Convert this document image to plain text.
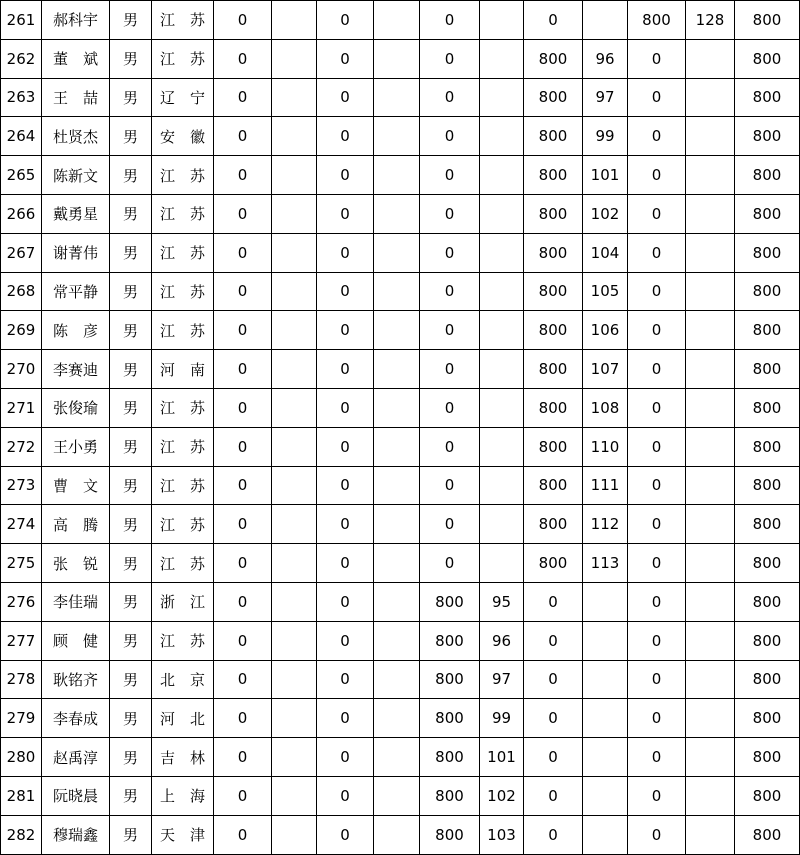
261	郝科宇	男	江　苏	0		0		0		0		800	128	800
262	董　斌	男	江　苏	0		0		0		800	96	0		800
263	王　喆	男	辽　宁	0		0		0		800	97	0		800
264	杜贤杰	男	安　徽	0		0		0		800	99	0		800
265	陈新文	男	江　苏	0		0		0		800	101	0		800
266	戴勇星	男	江　苏	0		0		0		800	102	0		800
267	谢菁伟	男	江　苏	0		0		0		800	104	0		800
268	常平静	男	江　苏	0		0		0		800	105	0		800
269	陈　彦	男	江　苏	0		0		0		800	106	0		800
270	李赛迪	男	河　南	0		0		0		800	107	0		800
271	张俊瑜	男	江　苏	0		0		0		800	108	0		800
272	王小勇	男	江　苏	0		0		0		800	110	0		800
273	曹　文	男	江　苏	0		0		0		800	111	0		800
274	高　腾	男	江　苏	0		0		0		800	112	0		800
275	张　锐	男	江　苏	0		0		0		800	113	0		800
276	李佳瑞	男	浙　江	0		0		800	95	0		0		800
277	顾　健	男	江　苏	0		0		800	96	0		0		800
278	耿铭齐	男	北　京	0		0		800	97	0		0		800
279	李春成	男	河　北	0		0		800	99	0		0		800
280	赵禹淳	男	吉　林	0		0		800	101	0		0		800
281	阮晓晨	男	上　海	0		0		800	102	0		0		800
282	穆瑞鑫	男	天　津	0		0		800	103	0		0		800
